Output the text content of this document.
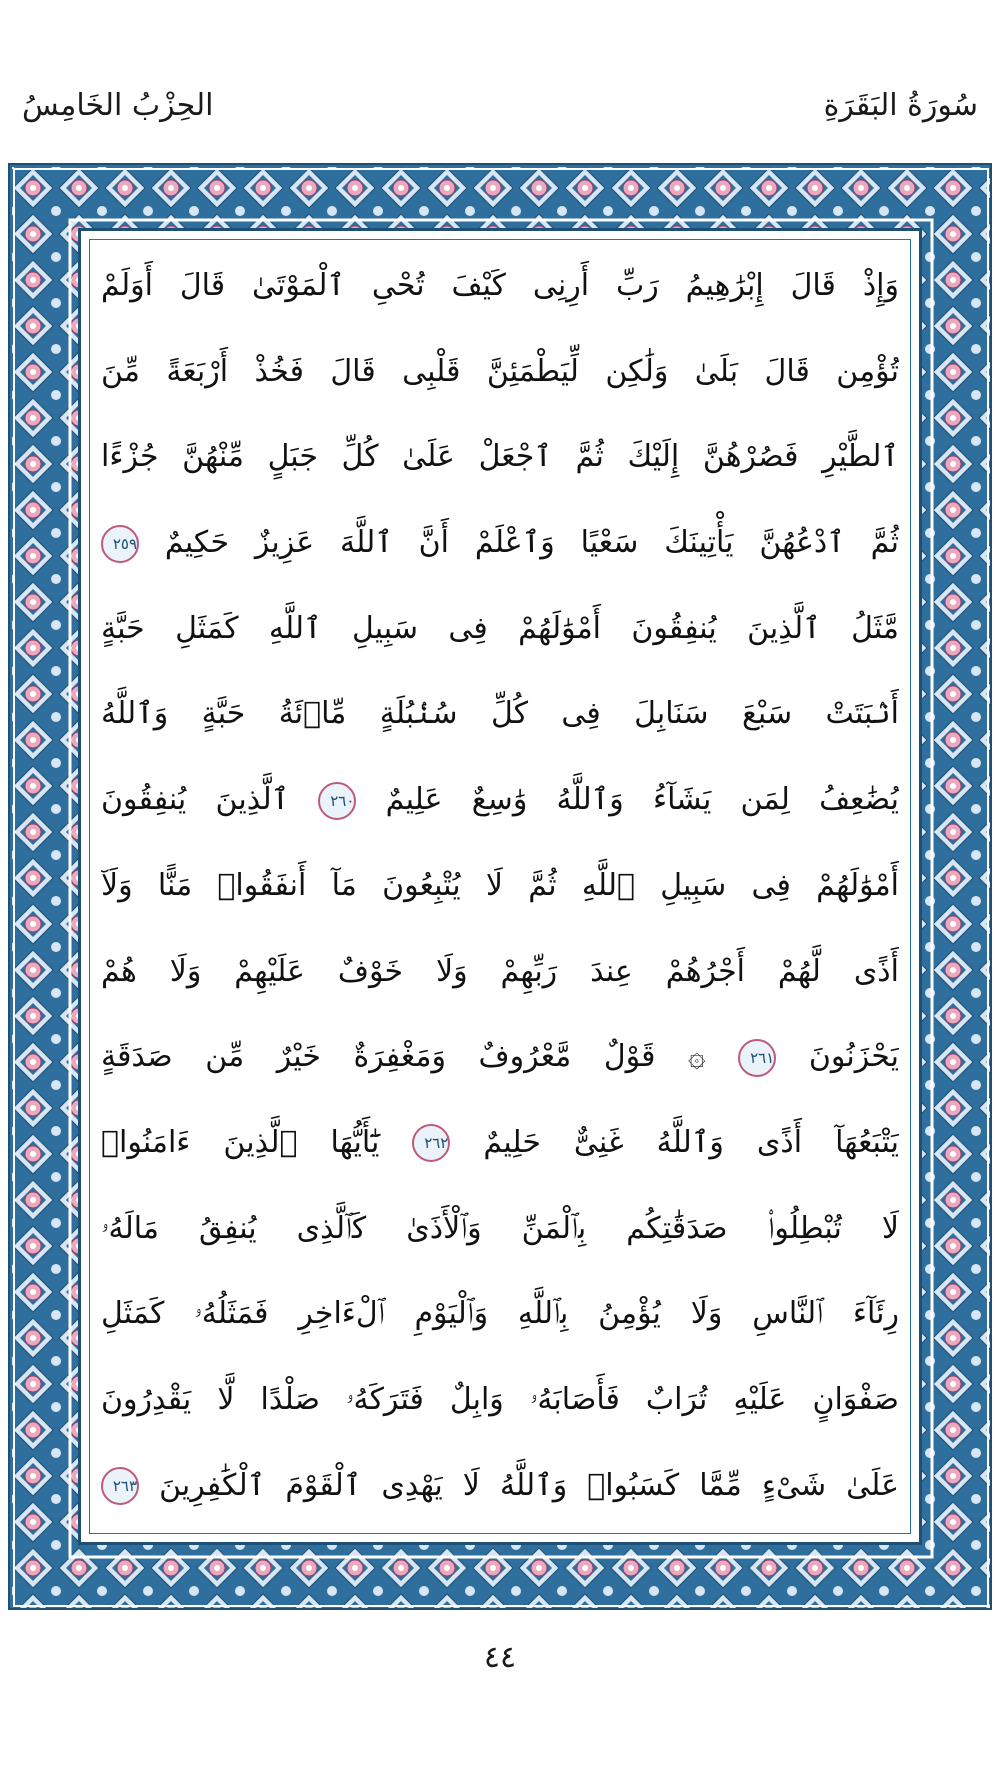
سُورَةُ البَقَرَةِ
الحِزْبُ الخَامِسُ
وَإِذْ قَالَ إِبْرَٰهِيمُ رَبِّ أَرِنِى كَيْفَ تُحْىِ ٱلْمَوْتَىٰ قَالَ أَوَلَمْ
تُؤْمِن قَالَ بَلَىٰ وَلَٰكِن لِّيَطْمَئِنَّ قَلْبِى قَالَ فَخُذْ أَرْبَعَةً مِّنَ
ٱلطَّيْرِ فَصُرْهُنَّ إِلَيْكَ ثُمَّ ٱجْعَلْ عَلَىٰ كُلِّ جَبَلٍ مِّنْهُنَّ جُزْءًا
ثُمَّ ٱدْعُهُنَّ يَأْتِينَكَ سَعْيًا وَٱعْلَمْ أَنَّ ٱللَّهَ عَزِيزٌ حَكِيمٌ ٢٥٩
مَّثَلُ ٱلَّذِينَ يُنفِقُونَ أَمْوَٰلَهُمْ فِى سَبِيلِ ٱللَّهِ كَمَثَلِ حَبَّةٍ
أَنۢبَتَتْ سَبْعَ سَنَابِلَ فِى كُلِّ سُنۢبُلَةٍ مِّا۟ئَةُ حَبَّةٍ وَٱللَّهُ
يُضَٰعِفُ لِمَن يَشَآءُ وَٱللَّهُ وَٰسِعٌ عَلِيمٌ ٢٦٠ ٱلَّذِينَ يُنفِقُونَ
أَمْوَٰلَهُمْ فِى سَبِيلِ ٱللَّهِ ثُمَّ لَا يُتْبِعُونَ مَآ أَنفَقُوا۟ مَنًّا وَلَآ
أَذًى لَّهُمْ أَجْرُهُمْ عِندَ رَبِّهِمْ وَلَا خَوْفٌ عَلَيْهِمْ وَلَا هُمْ
يَحْزَنُونَ ٢٦١ ۞ قَوْلٌ مَّعْرُوفٌ وَمَغْفِرَةٌ خَيْرٌ مِّن صَدَقَةٍ
يَتْبَعُهَآ أَذًى وَٱللَّهُ غَنِىٌّ حَلِيمٌ ٢٦٢ يَٰٓأَيُّهَا ٱلَّذِينَ ءَامَنُوا۟
لَا تُبْطِلُوا۟ صَدَقَٰتِكُم بِٱلْمَنِّ وَٱلْأَذَىٰ كَٱلَّذِى يُنفِقُ مَالَهُۥ
رِئَآءَ ٱلنَّاسِ وَلَا يُؤْمِنُ بِٱللَّهِ وَٱلْيَوْمِ ٱلْءَاخِرِ فَمَثَلُهُۥ كَمَثَلِ
صَفْوَانٍ عَلَيْهِ تُرَابٌ فَأَصَابَهُۥ وَابِلٌ فَتَرَكَهُۥ صَلْدًا لَّا يَقْدِرُونَ
عَلَىٰ شَىْءٍ مِّمَّا كَسَبُوا۟ وَٱللَّهُ لَا يَهْدِى ٱلْقَوْمَ ٱلْكَٰفِرِينَ ٢٦٣
٤٤
